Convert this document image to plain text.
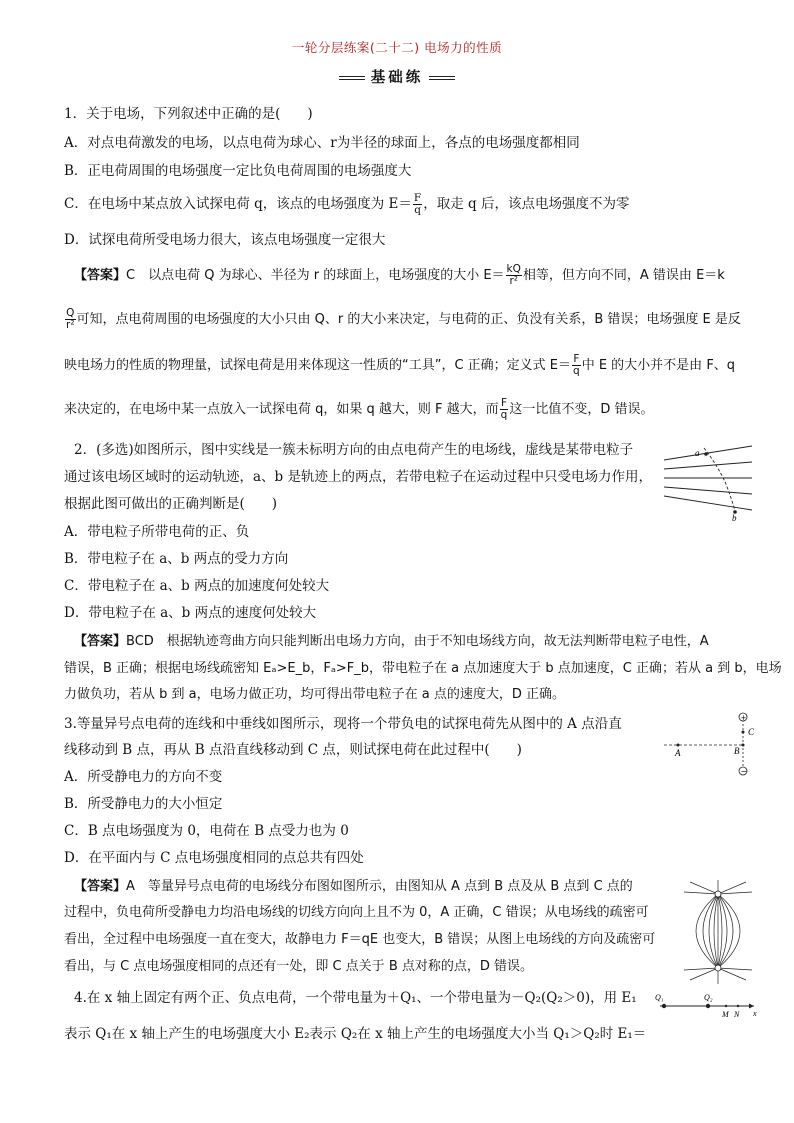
一轮分层练案(二十二) 电场力的性质
基础练
1．关于电场，下列叙述中正确的是(　　)
A．对点电荷激发的电场，以点电荷为球心、r为半径的球面上，各点的电场强度都相同
B．正电荷周围的电场强度一定比负电荷周围的电场强度大
C．在电场中某点放入试探电荷 q，该点的电场强度为 $E= \frac{F}{q}$ ，取走 q 后，该点电场强度不为零
D．试探电荷所受电场力很大，该点电场强度一定很大
【答案】C　以点电荷 Q 为球心、半径为 r 的球面上，电场强度的大小 $E= \frac{kQ}{\text{r²}}$ 相等，但方向不同，A 错误由 E＝k
$\frac{Q}{\text{r²}}$ 可知，点电荷周围的电场强度的大小只由 Q、r 的大小来决定，与电荷的正、负没有关系，B 错误；电场强度 E 是反
映电场力的性质的物理量，试探电荷是用来体现这一性质的“工具”，C 正确；定义式 $E= \frac{F}{q}$ 中 E 的大小并不是由 F、q
来决定的，在电场中某一点放入一试探电荷 q，如果 q 越大，则 F 越大，而 $\frac{F}{q}$ 这一比值不变，D 错误。
2．(多选)如图所示，图中实线是一簇未标明方向的由点电荷产生的电场线，虚线是某带电粒子
通过该电场区域时的运动轨迹，a、b 是轨迹上的两点，若带电粒子在运动过程中只受电场力作用，
根据此图可做出的正确判断是(　　)
A．带电粒子所带电荷的正、负
B．带电粒子在 a、b 两点的受力方向
C．带电粒子在 a、b 两点的加速度何处较大
D．带电粒子在 a、b 两点的速度何处较大
【答案】BCD　根据轨迹弯曲方向只能判断出电场力方向，由于不知电场线方向，故无法判断带电粒子电性，A
错误，B 正确；根据电场线疏密知 Eₐ>E_b，Fₐ>F_b，带电粒子在 a 点加速度大于 b 点加速度，C 正确；若从 a 到 b，电场
力做负功，若从 b 到 a，电场力做正功，均可得出带电粒子在 a 点的速度大，D 正确。
a
b
3.等量异号点电荷的连线和中垂线如图所示，现将一个带负电的试探电荷先从图中的 A 点沿直
线移动到 B 点，再从 B 点沿直线移动到 C 点，则试探电荷在此过程中(　　)
A．所受静电力的方向不变
B．所受静电力的大小恒定
C．B 点电场强度为 0，电荷在 B 点受力也为 0
D．在平面内与 C 点电场强度相同的点总共有四处
【答案】A　等量异号点电荷的电场线分布图如图所示，由图知从 A 点到 B 点及从 B 点到 C 点的
过程中，负电荷所受静电力均沿电场线的切线方向向上且不为 0，A 正确，C 错误；从电场线的疏密可
看出，全过程中电场强度一直在变大，故静电力 F＝qE 也变大，B 错误；从图上电场线的方向及疏密可
看出，与 C 点电场强度相同的点还有一处，即 C 点关于 B 点对称的点，D 错误。
+
−
A	B
C
4.在 x 轴上固定有两个正、负点电荷，一个带电量为＋Q₁、一个带电量为－Q₂(Q₂＞0)，用 E₁
表示 Q₁在 x 轴上产生的电场强度大小 E₂表示 Q₂在 x 轴上产生的电场强度大小当 Q₁＞Q₂时 E₁＝
Q₁	Q₂
M N x
